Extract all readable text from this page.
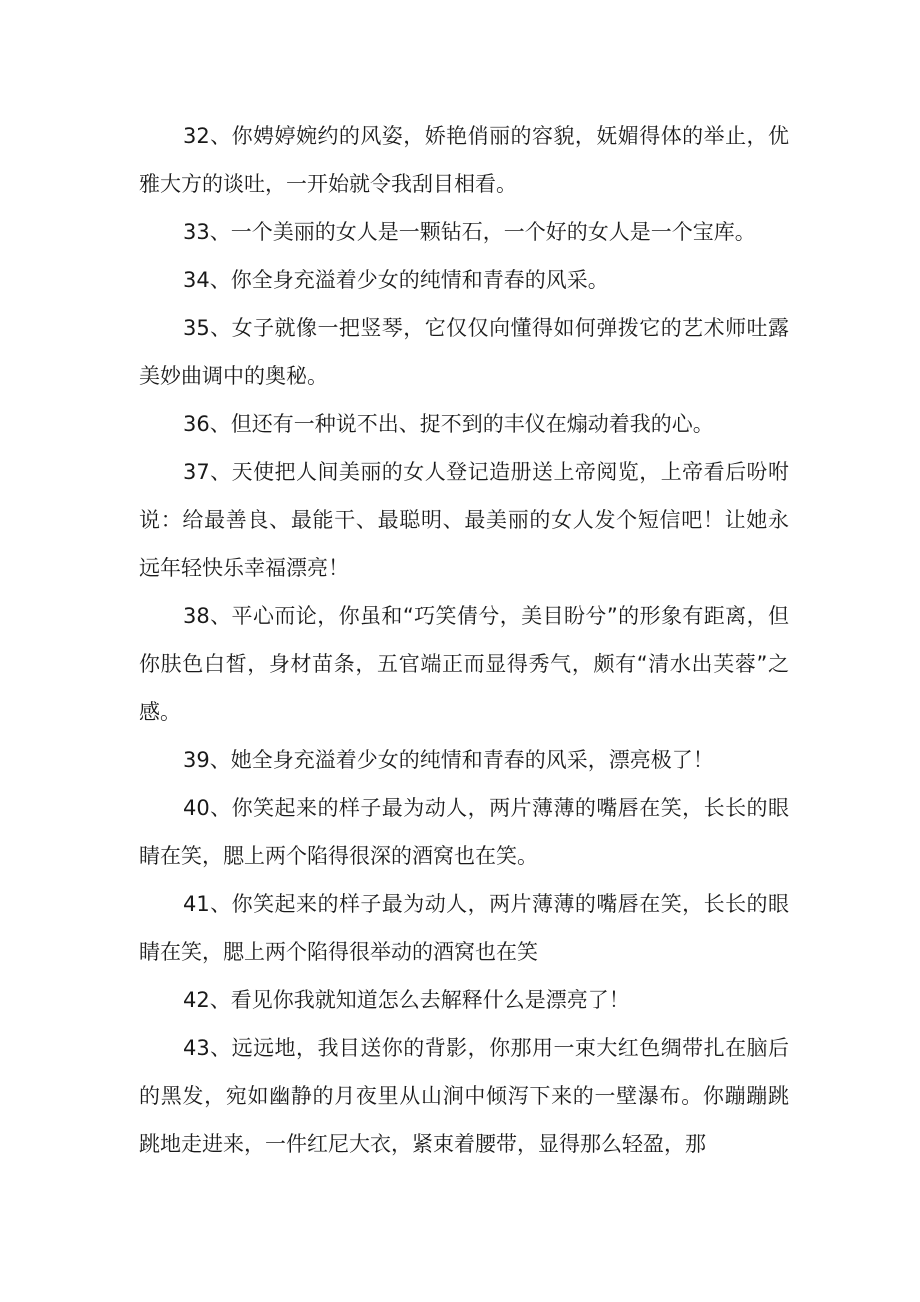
32、你娉婷婉约的风姿，娇艳俏丽的容貌，妩媚得体的举止，优雅大方的谈吐，一开始就令我刮目相看。

33、一个美丽的女人是一颗钻石，一个好的女人是一个宝库。

34、你全身充溢着少女的纯情和青春的风采。

35、女子就像一把竖琴，它仅仅向懂得如何弹拨它的艺术师吐露美妙曲调中的奥秘。

36、但还有一种说不出、捉不到的丰仪在煽动着我的心。

37、天使把人间美丽的女人登记造册送上帝阅览，上帝看后吩咐说：给最善良、最能干、最聪明、最美丽的女人发个短信吧！让她永远年轻快乐幸福漂亮！

38、平心而论，你虽和“巧笑倩兮，美目盼兮”的形象有距离，但你肤色白皙，身材苗条，五官端正而显得秀气，颇有“清水出芙蓉”之感。

39、她全身充溢着少女的纯情和青春的风采，漂亮极了！

40、你笑起来的样子最为动人，两片薄薄的嘴唇在笑，长长的眼睛在笑，腮上两个陷得很深的酒窝也在笑。

41、你笑起来的样子最为动人，两片薄薄的嘴唇在笑，长长的眼睛在笑，腮上两个陷得很举动的酒窝也在笑

42、看见你我就知道怎么去解释什么是漂亮了！

43、远远地，我目送你的背影，你那用一束大红色绸带扎在脑后的黑发，宛如幽静的月夜里从山涧中倾泻下来的一壁瀑布。你蹦蹦跳跳地走进来，一件红尼大衣，紧束着腰带，显得那么轻盈，那
